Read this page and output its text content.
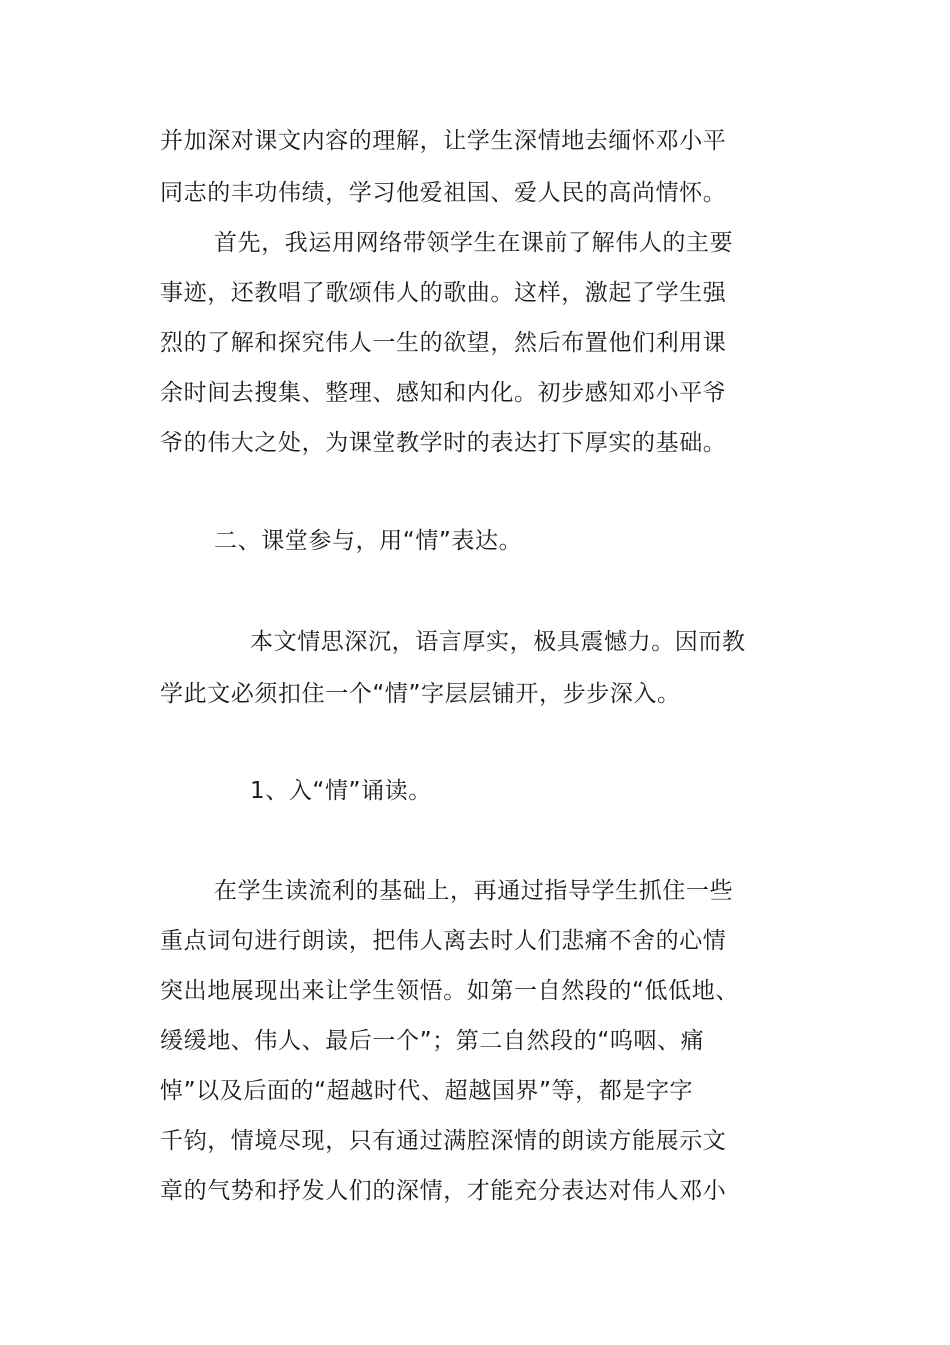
并加深对课文内容的理解，让学生深情地去缅怀邓小平
同志的丰功伟绩，学习他爱祖国、爱人民的高尚情怀。
首先，我运用网络带领学生在课前了解伟人的主要
事迹，还教唱了歌颂伟人的歌曲。这样，激起了学生强
烈的了解和探究伟人一生的欲望，然后布置他们利用课
余时间去搜集、整理、感知和内化。初步感知邓小平爷
爷的伟大之处，为课堂教学时的表达打下厚实的基础。
二、课堂参与，用“情”表达。
本文情思深沉，语言厚实，极具震憾力。因而教
学此文必须扣住一个“情”字层层铺开，步步深入。
1、入“情”诵读。
在学生读流利的基础上，再通过指导学生抓住一些
重点词句进行朗读，把伟人离去时人们悲痛不舍的心情
突出地展现出来让学生领悟。如第一自然段的“低低地、
缓缓地、伟人、最后一个”；第二自然段的“呜咽、痛
悼”以及后面的“超越时代、超越国界”等，都是字字
千钧，情境尽现，只有通过满腔深情的朗读方能展示文
章的气势和抒发人们的深情，才能充分表达对伟人邓小
